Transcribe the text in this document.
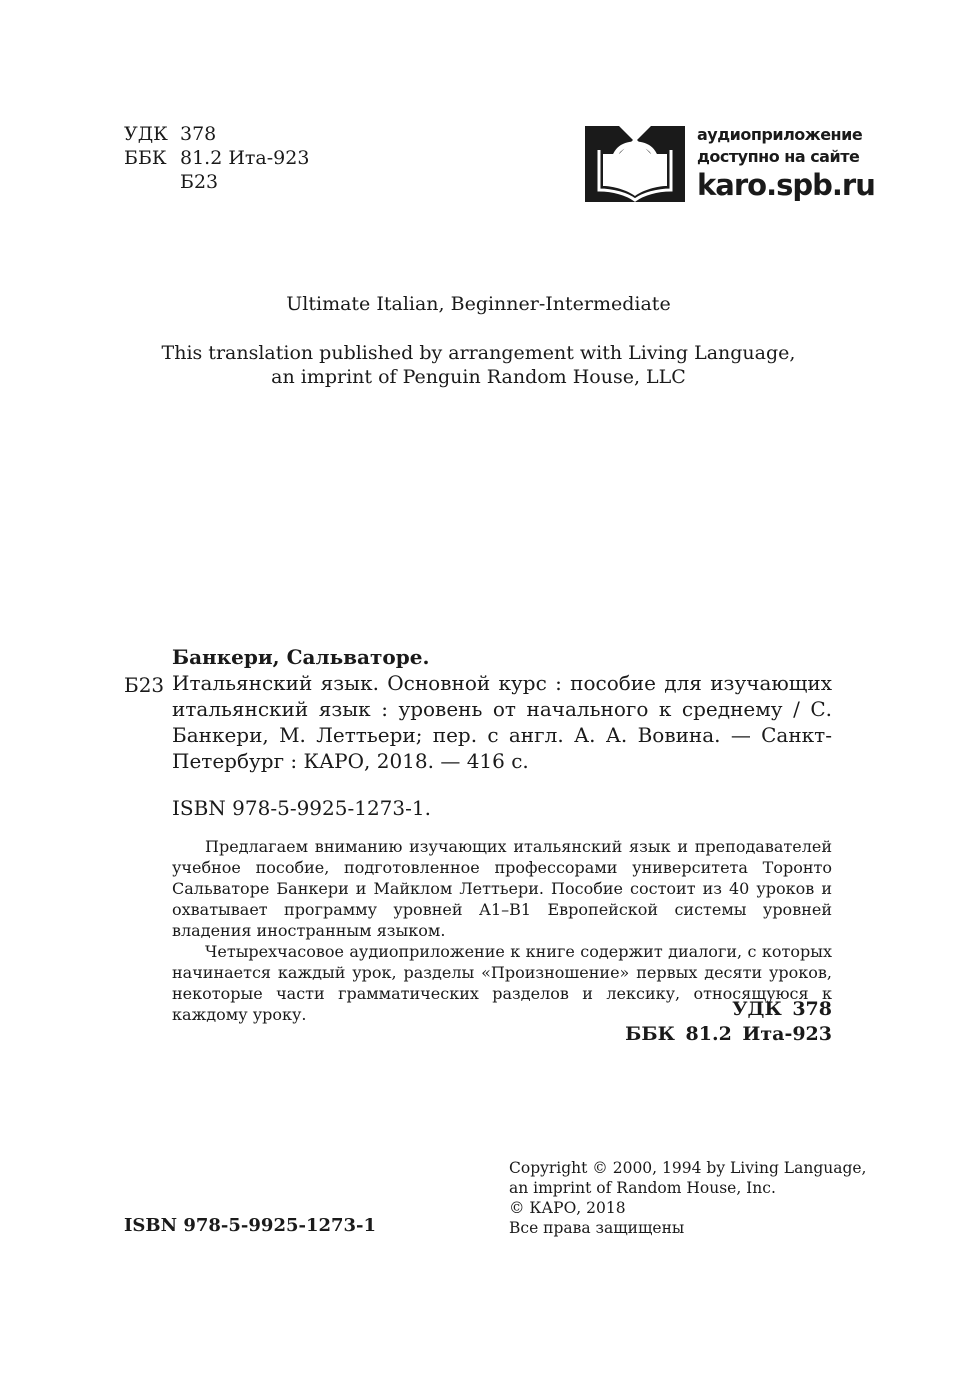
УДК 378
ББК 81.2 Ита-923
Б23
аудиоприложение
доступно на сайте
karo.spb.ru
Ultimate Italian, Beginner-Intermediate
This translation published by arrangement with Living Language,
an imprint of Penguin Random House, LLC
Банкери, Сальваторе.
Б23 Итальянский язык. Основной курс : пособие для изучающих итальянский язык : уровень от начального к среднему / С. Банкери, М. Леттьери; пер. с англ. А. А. Вовина. — Санкт-Петербург : КАРО, 2018. — 416 с.
ISBN 978-5-9925-1273-1.

Предлагаем вниманию изучающих итальянский язык и преподавателей учебное пособие, подготовленное профессорами университета Торонто Сальваторе Банкери и Майклом Леттьери. Пособие состоит из 40 уроков и охватывает программу уровней А1–В1 Европейской системы уровней владения иностранным языком.

Четырехчасовое аудиоприложение к книге содержит диалоги, с которых начинается каждый урок, разделы «Произношение» первых десяти уроков, некоторые части грамматических разделов и лексику, относящуюся к каждому уроку.	УДК 378
ББК 81.2 Ита-923
Copyright © 2000, 1994 by Living Language,
an imprint of Random House, Inc.
© КАРО, 2018
Все права защищены
ISBN 978-5-9925-1273-1
